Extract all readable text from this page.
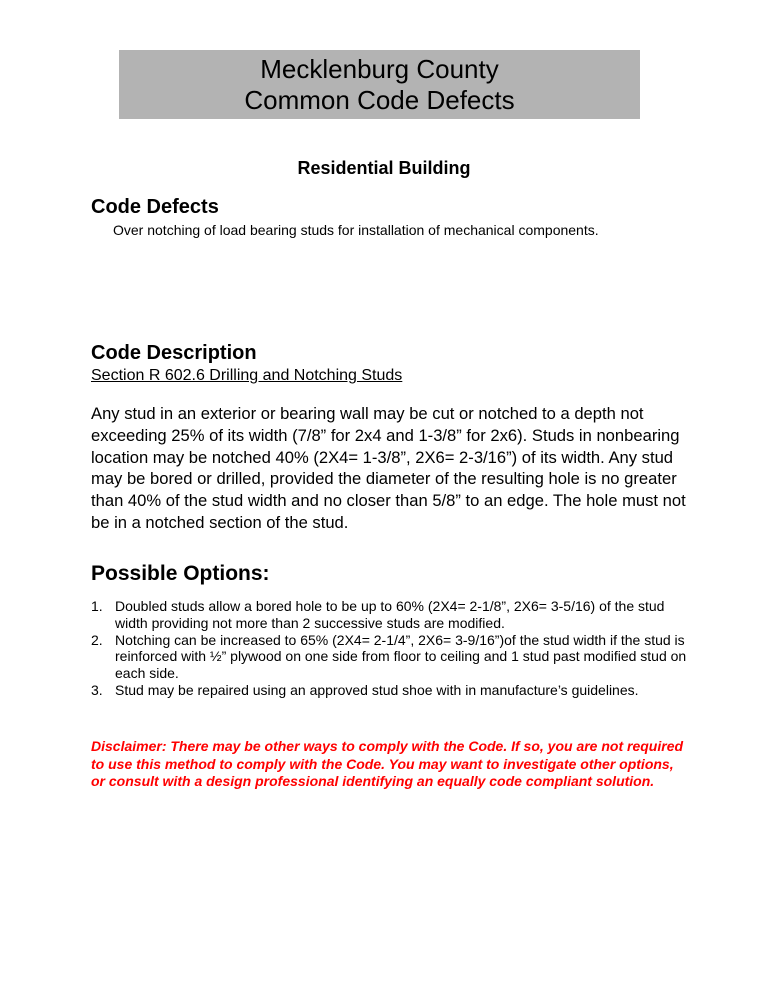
Mecklenburg County
Common Code Defects
Residential Building
Code Defects
Over notching of load bearing studs for installation of mechanical components.
Code Description
Section R 602.6 Drilling and Notching Studs
Any stud in an exterior or bearing wall may be cut or notched to a depth not exceeding 25% of its width (7/8” for 2x4 and 1-3/8” for 2x6). Studs in nonbearing location may be notched 40% (2X4= 1-3/8”, 2X6= 2-3/16”) of its width. Any stud may be bored or drilled, provided the diameter of the resulting hole is no greater than 40% of the stud width and no closer than 5/8” to an edge. The hole must not be in a notched section of the stud.
Possible Options:
1. Doubled studs allow a bored hole to be up to 60% (2X4= 2-1/8”, 2X6= 3-5/16) of the stud width providing not more than 2 successive studs are modified.
2. Notching can be increased to 65% (2X4= 2-1/4”, 2X6= 3-9/16”)of the stud width if the stud is reinforced with ½” plywood on one side from floor to ceiling and 1 stud past modified stud on each side.
3. Stud may be repaired using an approved stud shoe with in manufacture’s guidelines.
Disclaimer: There may be other ways to comply with the Code. If so, you are not required to use this method to comply with the Code. You may want to investigate other options, or consult with a design professional identifying an equally code compliant solution.
